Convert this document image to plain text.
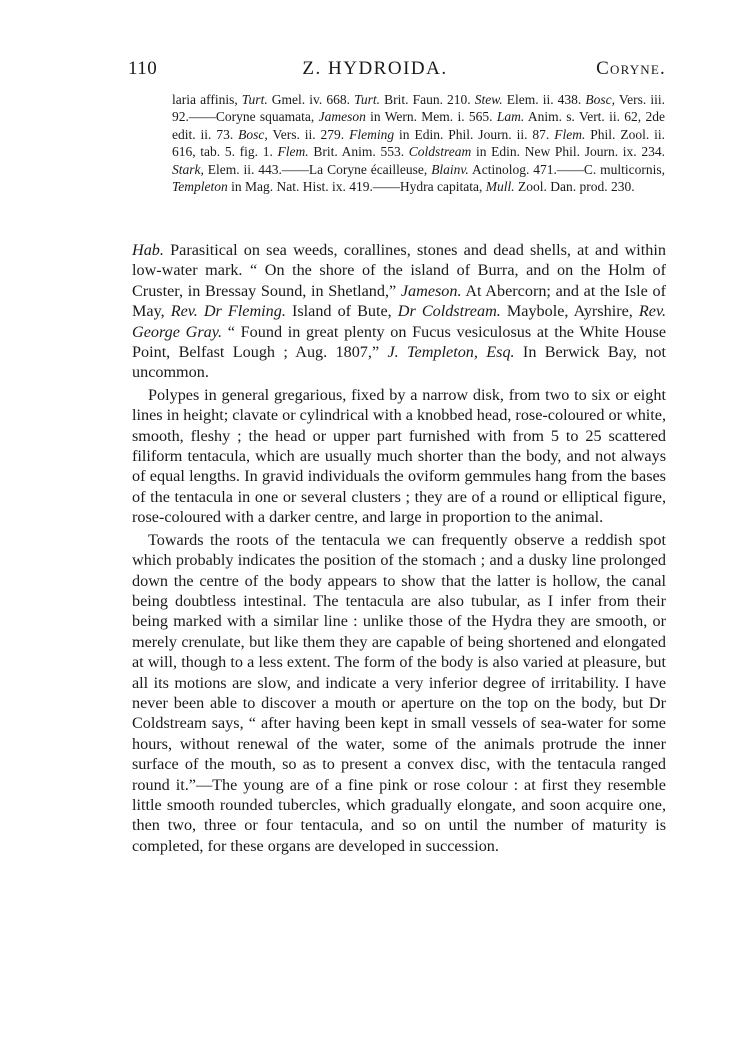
110	Z. HYDROIDA.	Coryne.

laria affinis, Turt. Gmel. iv. 668. Turt. Brit. Faun. 210. Stew. Elem. ii. 438. Bosc, Vers. iii. 92.——Coryne squamata, Jameson in Wern. Mem. i. 565. Lam. Anim. s. Vert. ii. 62, 2de edit. ii. 73. Bosc, Vers. ii. 279. Fleming in Edin. Phil. Journ. ii. 87. Flem. Phil. Zool. ii. 616, tab. 5. fig. 1. Flem. Brit. Anim. 553. Coldstream in Edin. New Phil. Journ. ix. 234. Stark, Elem. ii. 443.——La Coryne écailleuse, Blainv. Actinolog. 471.——C. multicornis, Templeton in Mag. Nat. Hist. ix. 419.——Hydra capitata, Mull. Zool. Dan. prod. 230.

Hab. Parasitical on sea weeds, corallines, stones and dead shells, at and within low-water mark. “ On the shore of the island of Burra, and on the Holm of Cruster, in Bressay Sound, in Shetland,” Jameson. At Abercorn; and at the Isle of May, Rev. Dr Fleming. Island of Bute, Dr Coldstream. Maybole, Ayrshire, Rev. George Gray. “ Found in great plenty on Fucus vesiculosus at the White House Point, Belfast Lough ; Aug. 1807,” J. Templeton, Esq. In Berwick Bay, not uncommon.

Polypes in general gregarious, fixed by a narrow disk, from two to six or eight lines in height; clavate or cylindrical with a knobbed head, rose-coloured or white, smooth, fleshy ; the head or upper part furnished with from 5 to 25 scattered filiform tentacula, which are usually much shorter than the body, and not always of equal lengths. In gravid individuals the oviform gemmules hang from the bases of the tentacula in one or several clusters ; they are of a round or elliptical figure, rose-coloured with a darker centre, and large in proportion to the animal.

Towards the roots of the tentacula we can frequently observe a reddish spot which probably indicates the position of the stomach ; and a dusky line prolonged down the centre of the body appears to show that the latter is hollow, the canal being doubtless intestinal. The tentacula are also tubular, as I infer from their being marked with a similar line : unlike those of the Hydra they are smooth, or merely crenulate, but like them they are capable of being shortened and elongated at will, though to a less extent. The form of the body is also varied at pleasure, but all its motions are slow, and indicate a very inferior degree of irritability. I have never been able to discover a mouth or aperture on the top on the body, but Dr Coldstream says, “ after having been kept in small vessels of sea-water for some hours, without renewal of the water, some of the animals protrude the inner surface of the mouth, so as to present a convex disc, with the tentacula ranged round it.”—The young are of a fine pink or rose colour : at first they resemble little smooth rounded tubercles, which gradually elongate, and soon acquire one, then two, three or four tentacula, and so on until the number of maturity is completed, for these organs are developed in succession.
